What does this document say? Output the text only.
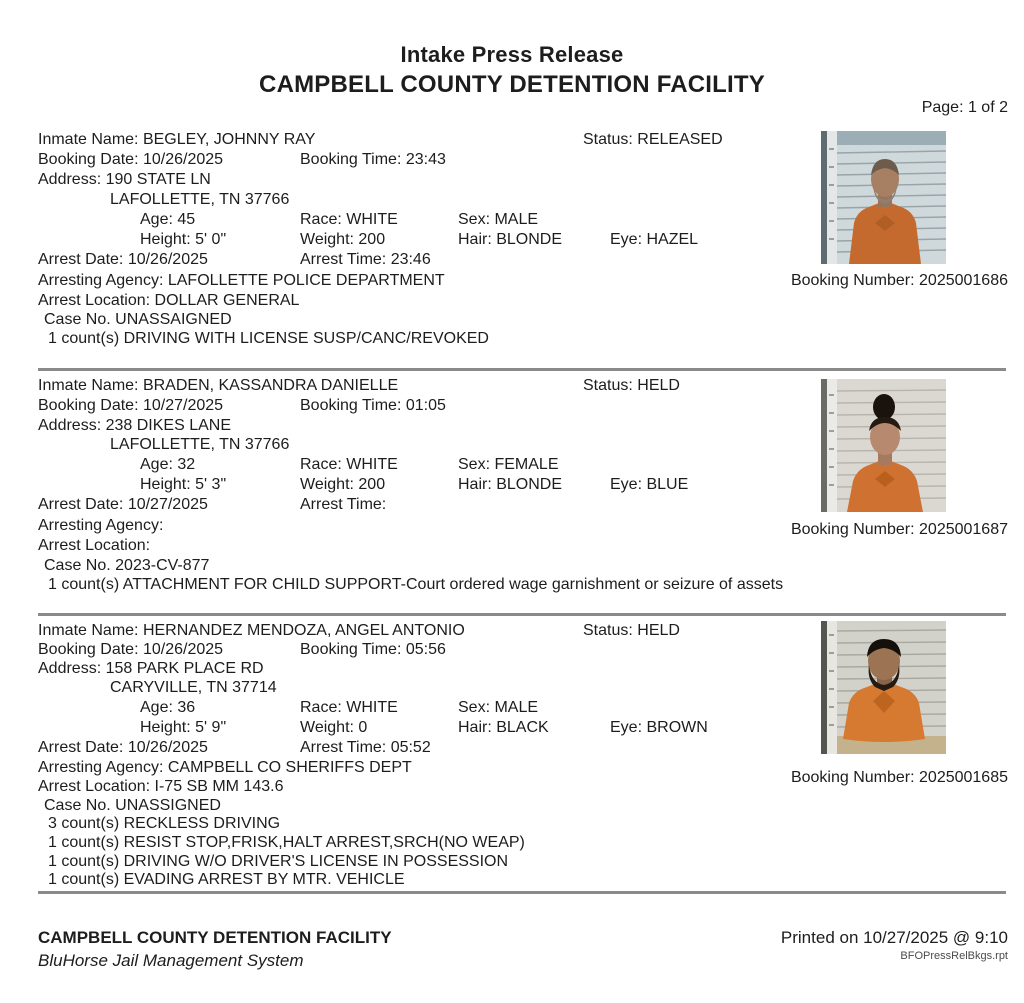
Intake Press Release
CAMPBELL COUNTY DETENTION FACILITY
Page: 1 of 2
Inmate Name: BEGLEY, JOHNNY RAY	Status: RELEASED
Booking Date: 10/26/2025	Booking Time: 23:43
Address: 190 STATE LN
LAFOLLETTE, TN 37766
Age: 45	Race: WHITE	Sex: MALE
Height: 5' 0"	Weight: 200	Hair: BLONDE	Eye: HAZEL
Arrest Date: 10/26/2025	Arrest Time: 23:46
Arresting Agency: LAFOLLETTE POLICE DEPARTMENT
Arrest Location: DOLLAR GENERAL
Case No. UNASSAIGNED
1 count(s) DRIVING WITH LICENSE SUSP/CANC/REVOKED
Booking Number: 2025001686
Inmate Name: BRADEN, KASSANDRA DANIELLE	Status: HELD
Booking Date: 10/27/2025	Booking Time: 01:05
Address: 238 DIKES LANE
LAFOLLETTE, TN 37766
Age: 32	Race: WHITE	Sex: FEMALE
Height: 5' 3"	Weight: 200	Hair: BLONDE	Eye: BLUE
Arrest Date: 10/27/2025	Arrest Time:
Arresting Agency:
Arrest Location:
Case No. 2023-CV-877
1 count(s) ATTACHMENT FOR CHILD SUPPORT-Court ordered wage garnishment or seizure of assets
Booking Number: 2025001687
Inmate Name: HERNANDEZ MENDOZA, ANGEL ANTONIO	Status: HELD
Booking Date: 10/26/2025	Booking Time: 05:56
Address: 158 PARK PLACE RD
CARYVILLE, TN 37714
Age: 36	Race: WHITE	Sex: MALE
Height: 5' 9"	Weight: 0	Hair: BLACK	Eye: BROWN
Arrest Date: 10/26/2025	Arrest Time: 05:52
Arresting Agency: CAMPBELL CO SHERIFFS DEPT
Arrest Location: I-75 SB MM 143.6
Case No. UNASSIGNED
3 count(s) RECKLESS DRIVING
1 count(s) RESIST STOP,FRISK,HALT ARREST,SRCH(NO WEAP)
1 count(s) DRIVING W/O DRIVER'S LICENSE IN POSSESSION
1 count(s) EVADING ARREST BY MTR. VEHICLE
Booking Number: 2025001685
CAMPBELL COUNTY DETENTION FACILITY
BluHorse Jail Management System
Printed on 10/27/2025 @ 9:10
BFOPressRelBkgs.rpt
